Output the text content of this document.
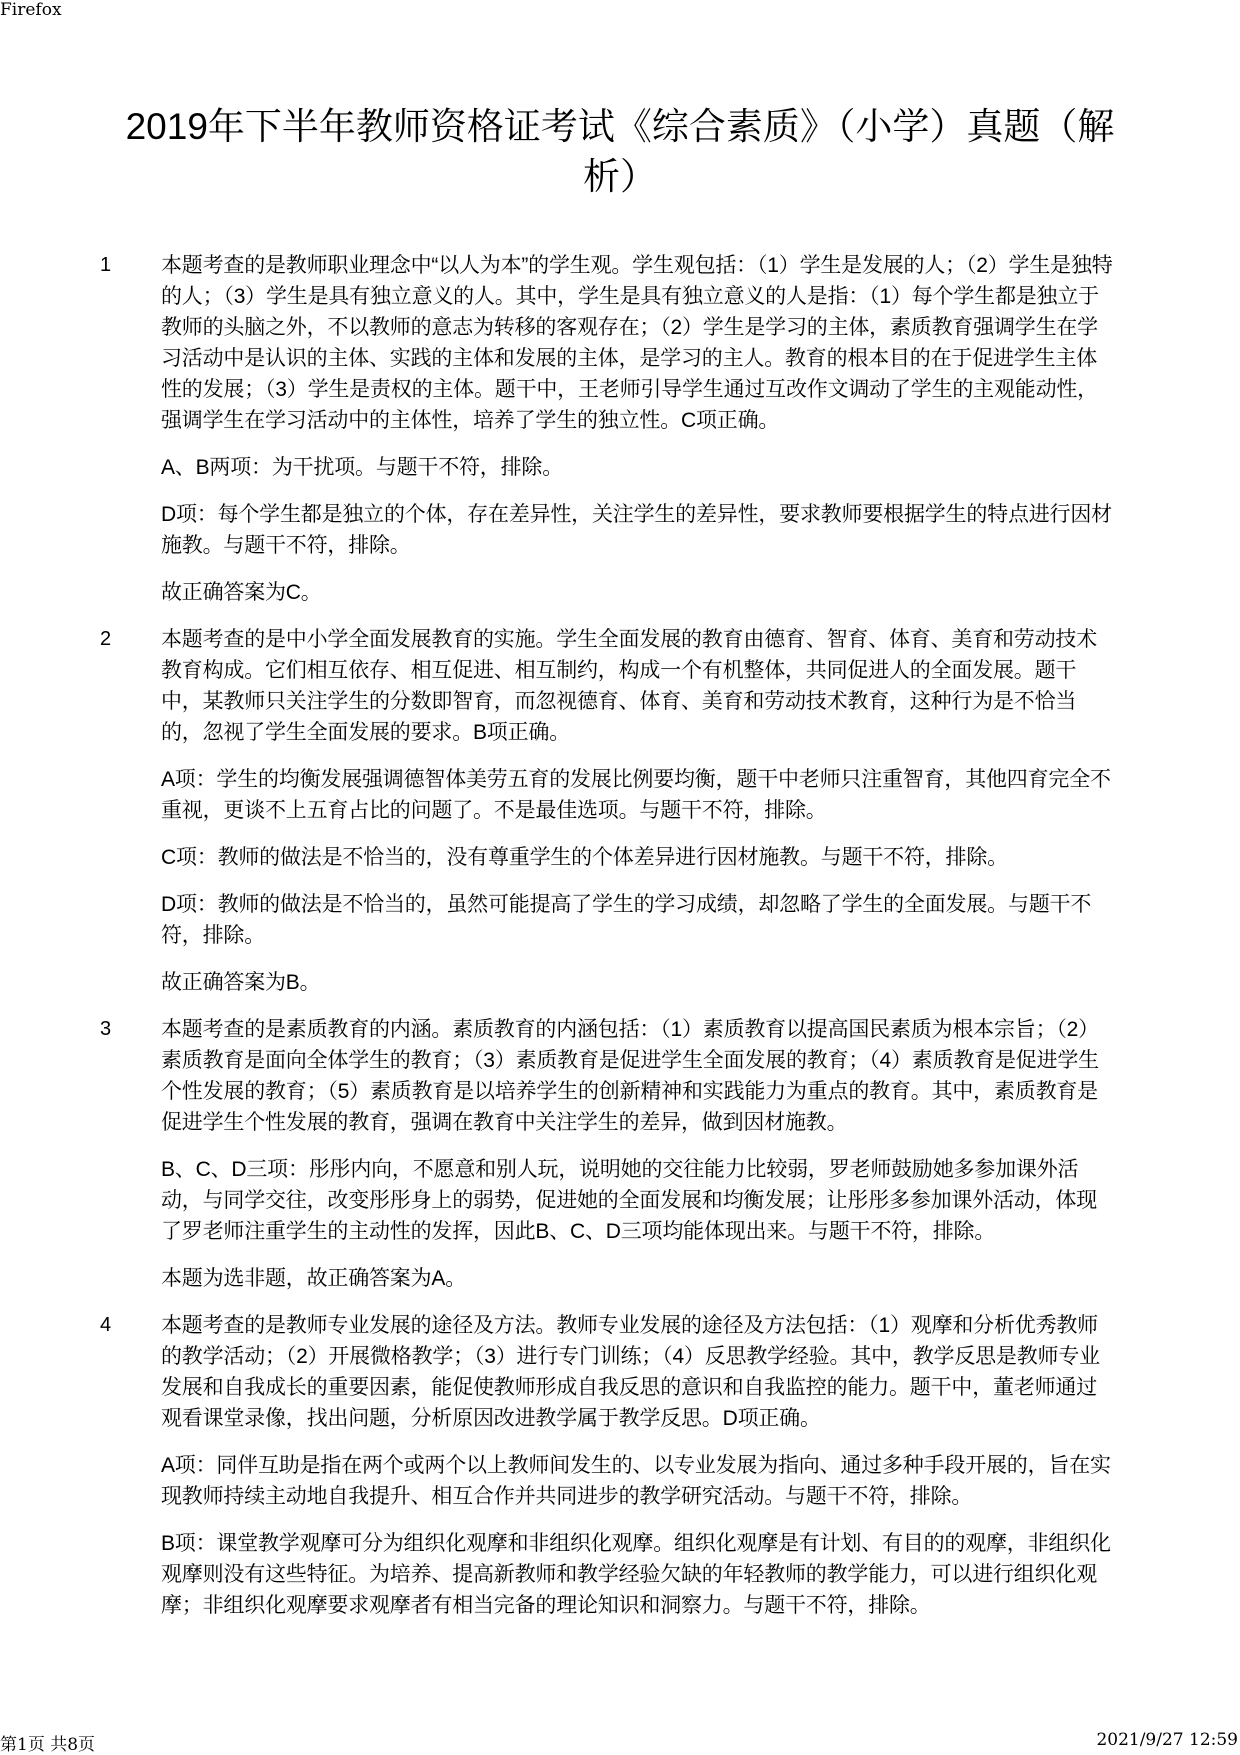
Firefox
2019年下半年教师资格证考试《综合素质》（小学）真题（解析）
1	本题考查的是教师职业理念中“以人为本”的学生观。学生观包括：（1）学生是发展的人；（2）学生是独特的人；（3）学生是具有独立意义的人。其中，学生是具有独立意义的人是指：（1）每个学生都是独立于教师的头脑之外，不以教师的意志为转移的客观存在；（2）学生是学习的主体，素质教育强调学生在学习活动中是认识的主体、实践的主体和发展的主体，是学习的主人。教育的根本目的在于促进学生主体性的发展；（3）学生是责权的主体。题干中，王老师引导学生通过互改作文调动了学生的主观能动性，强调学生在学习活动中的主体性，培养了学生的独立性。C项正确。

A、B两项：为干扰项。与题干不符，排除。

D项：每个学生都是独立的个体，存在差异性，关注学生的差异性，要求教师要根据学生的特点进行因材施教。与题干不符，排除。

故正确答案为C。

2	本题考查的是中小学全面发展教育的实施。学生全面发展的教育由德育、智育、体育、美育和劳动技术教育构成。它们相互依存、相互促进、相互制约，构成一个有机整体，共同促进人的全面发展。题干中，某教师只关注学生的分数即智育，而忽视德育、体育、美育和劳动技术教育，这种行为是不恰当的，忽视了学生全面发展的要求。B项正确。

A项：学生的均衡发展强调德智体美劳五育的发展比例要均衡，题干中老师只注重智育，其他四育完全不重视，更谈不上五育占比的问题了。不是最佳选项。与题干不符，排除。

C项：教师的做法是不恰当的，没有尊重学生的个体差异进行因材施教。与题干不符，排除。

D项：教师的做法是不恰当的，虽然可能提高了学生的学习成绩，却忽略了学生的全面发展。与题干不符，排除。

故正确答案为B。

3	本题考查的是素质教育的内涵。素质教育的内涵包括：（1）素质教育以提高国民素质为根本宗旨；（2）素质教育是面向全体学生的教育；（3）素质教育是促进学生全面发展的教育；（4）素质教育是促进学生个性发展的教育；（5）素质教育是以培养学生的创新精神和实践能力为重点的教育。其中，素质教育是促进学生个性发展的教育，强调在教育中关注学生的差异，做到因材施教。

B、C、D三项：彤彤内向，不愿意和别人玩，说明她的交往能力比较弱，罗老师鼓励她多参加课外活动，与同学交往，改变彤彤身上的弱势，促进她的全面发展和均衡发展；让彤彤多参加课外活动，体现了罗老师注重学生的主动性的发挥，因此B、C、D三项均能体现出来。与题干不符，排除。

本题为选非题，故正确答案为A。

4	本题考查的是教师专业发展的途径及方法。教师专业发展的途径及方法包括：（1）观摩和分析优秀教师的教学活动；（2）开展微格教学；（3）进行专门训练；（4）反思教学经验。其中，教学反思是教师专业发展和自我成长的重要因素，能促使教师形成自我反思的意识和自我监控的能力。题干中，董老师通过观看课堂录像，找出问题，分析原因改进教学属于教学反思。D项正确。

A项：同伴互助是指在两个或两个以上教师间发生的、以专业发展为指向、通过多种手段开展的，旨在实现教师持续主动地自我提升、相互合作并共同进步的教学研究活动。与题干不符，排除。

B项：课堂教学观摩可分为组织化观摩和非组织化观摩。组织化观摩是有计划、有目的的观摩，非组织化观摩则没有这些特征。为培养、提高新教师和教学经验欠缺的年轻教师的教学能力，可以进行组织化观摩；非组织化观摩要求观摩者有相当完备的理论知识和洞察力。与题干不符，排除。

第1页 共8页	2021/9/27 12:59
